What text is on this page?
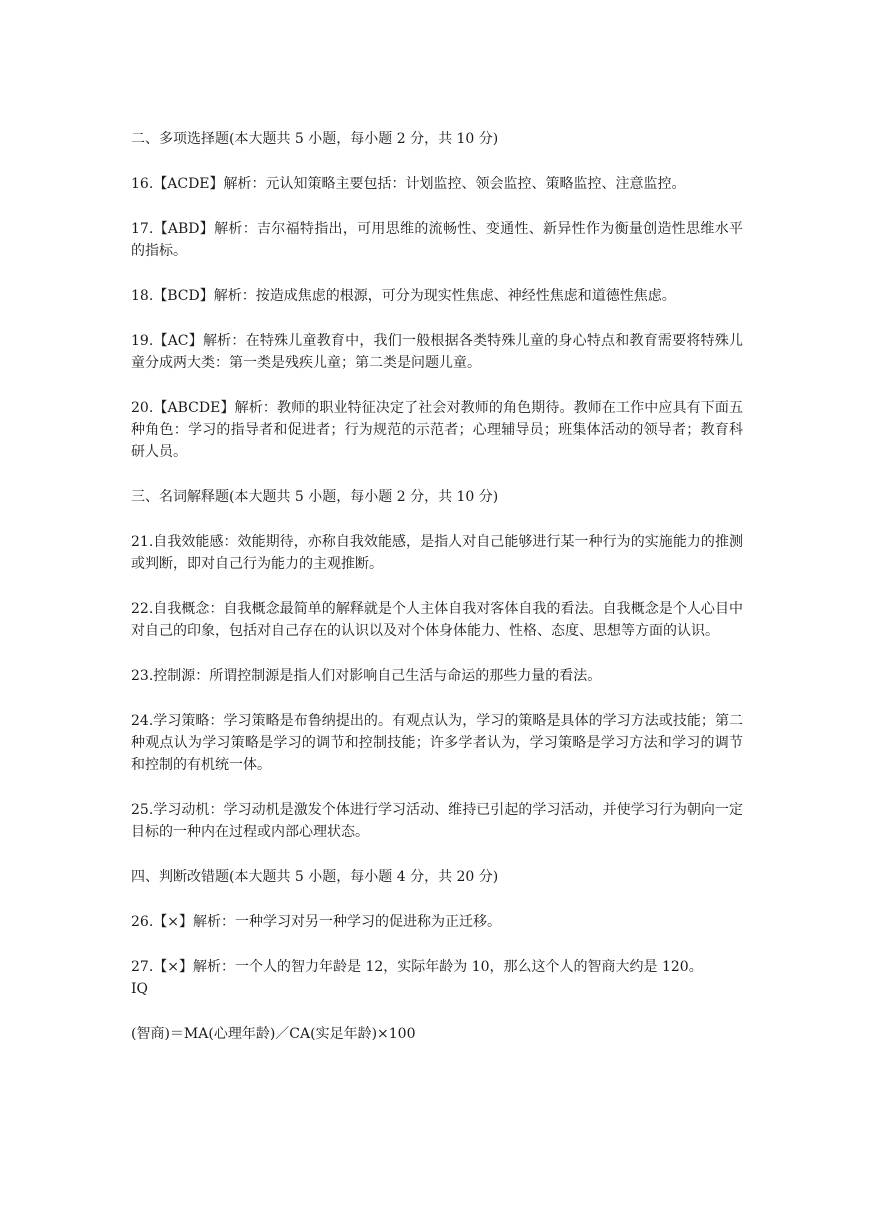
二、多项选择题(本大题共 5 小题，每小题 2 分，共 10 分)

16.【ACDE】解析：元认知策略主要包括：计划监控、领会监控、策略监控、注意监控。

17.【ABD】解析：吉尔福特指出，可用思维的流畅性、变通性、新异性作为衡量创造性思维水平的指标。

18.【BCD】解析：按造成焦虑的根源，可分为现实性焦虑、神经性焦虑和道德性焦虑。

19.【AC】解析：在特殊儿童教育中，我们一般根据各类特殊儿童的身心特点和教育需要将特殊儿童分成两大类：第一类是残疾儿童；第二类是问题儿童。

20.【ABCDE】解析：教师的职业特征决定了社会对教师的角色期待。教师在工作中应具有下面五种角色：学习的指导者和促进者；行为规范的示范者；心理辅导员；班集体活动的领导者；教育科研人员。

三、名词解释题(本大题共 5 小题，每小题 2 分，共 10 分)

21.自我效能感：效能期待，亦称自我效能感，是指人对自己能够进行某一种行为的实施能力的推测或判断，即对自己行为能力的主观推断。

22.自我概念：自我概念最简单的解释就是个人主体自我对客体自我的看法。自我概念是个人心目中对自己的印象，包括对自己存在的认识以及对个体身体能力、性格、态度、思想等方面的认识。

23.控制源：所谓控制源是指人们对影响自己生活与命运的那些力量的看法。

24.学习策略：学习策略是布鲁纳提出的。有观点认为，学习的策略是具体的学习方法或技能；第二种观点认为学习策略是学习的调节和控制技能；许多学者认为，学习策略是学习方法和学习的调节和控制的有机统一体。

25.学习动机：学习动机是激发个体进行学习活动、维持已引起的学习活动，并使学习行为朝向一定目标的一种内在过程或内部心理状态。

四、判断改错题(本大题共 5 小题，每小题 4 分，共 20 分)

26.【×】解析：一种学习对另一种学习的促进称为正迁移。

27.【×】解析：一个人的智力年龄是 12，实际年龄为 10，那么这个人的智商大约是 120。
IQ

(智商)＝MA(心理年龄)／CA(实足年龄)×100
